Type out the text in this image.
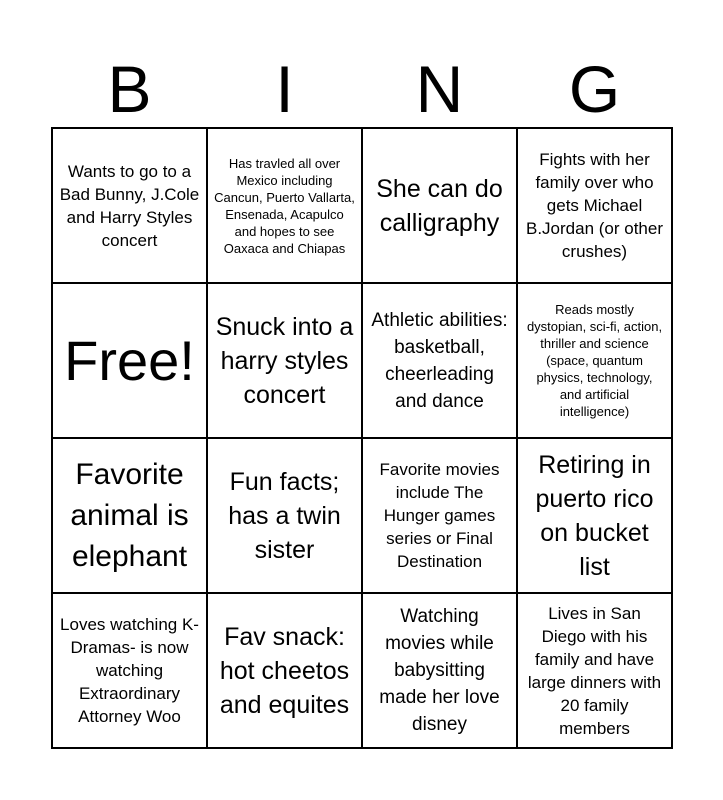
B	I	N	G
Wants to go to a Bad Bunny, J.Cole and Harry Styles concert
Has travled all over Mexico including Cancun, Puerto Vallarta, Ensenada, Acapulco and hopes to see Oaxaca and Chiapas
She can do calligraphy
Fights with her family over who gets Michael B.Jordan (or other crushes)
Free!
Snuck into a harry styles concert
Athletic abilities: basketball, cheerleading and dance
Reads mostly dystopian, sci-fi, action, thriller and science (space, quantum physics, technology, and artificial intelligence)
Favorite animal is elephant
Fun facts; has a twin sister
Favorite movies include The Hunger games series or Final Destination
Retiring in puerto rico on bucket list
Loves watching K-Dramas- is now watching Extraordinary Attorney Woo
Fav snack: hot cheetos and equites
Watching movies while babysitting made her love disney
Lives in San Diego with his family and have large dinners with 20 family members
